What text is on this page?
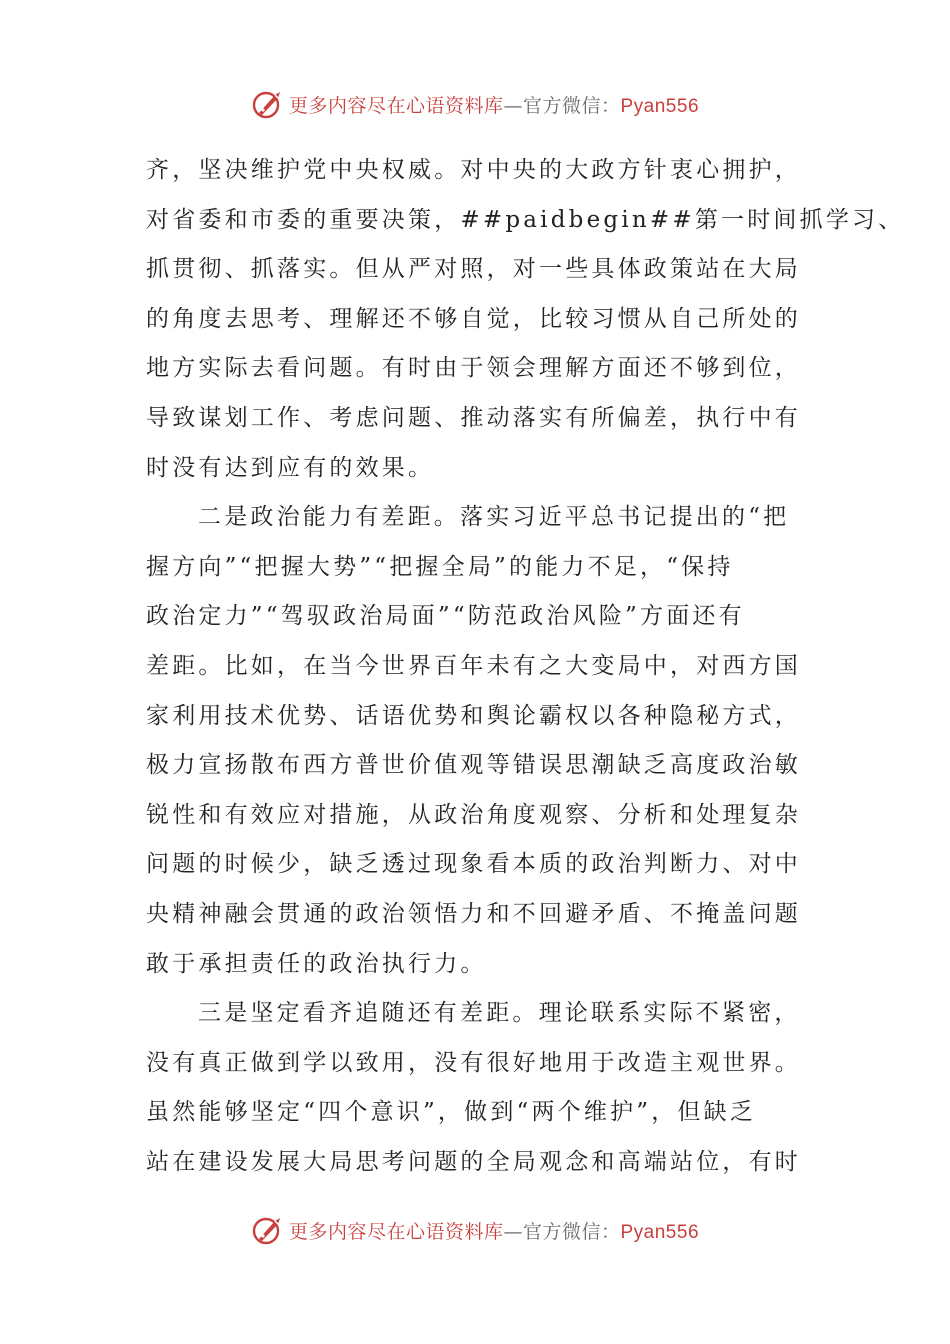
更多内容尽在心语资料库—官方微信：Pyan556
齐，坚决维护党中央权威。对中央的大政方针衷心拥护，
对省委和市委的重要决策，##paidbegin##第一时间抓学习、
抓贯彻、抓落实。但从严对照，对一些具体政策站在大局
的角度去思考、理解还不够自觉，比较习惯从自己所处的
地方实际去看问题。有时由于领会理解方面还不够到位，
导致谋划工作、考虑问题、推动落实有所偏差，执行中有
时没有达到应有的效果。
二是政治能力有差距。落实习近平总书记提出的“把
握方向”“把握大势”“把握全局”的能力不足，“保持
政治定力”“驾驭政治局面”“防范政治风险”方面还有
差距。比如，在当今世界百年未有之大变局中，对西方国
家利用技术优势、话语优势和舆论霸权以各种隐秘方式，
极力宣扬散布西方普世价值观等错误思潮缺乏高度政治敏
锐性和有效应对措施，从政治角度观察、分析和处理复杂
问题的时候少，缺乏透过现象看本质的政治判断力、对中
央精神融会贯通的政治领悟力和不回避矛盾、不掩盖问题
敢于承担责任的政治执行力。
三是坚定看齐追随还有差距。理论联系实际不紧密，
没有真正做到学以致用，没有很好地用于改造主观世界。
虽然能够坚定“四个意识”，做到“两个维护”，但缺乏
站在建设发展大局思考问题的全局观念和高端站位，有时
更多内容尽在心语资料库—官方微信：Pyan556
